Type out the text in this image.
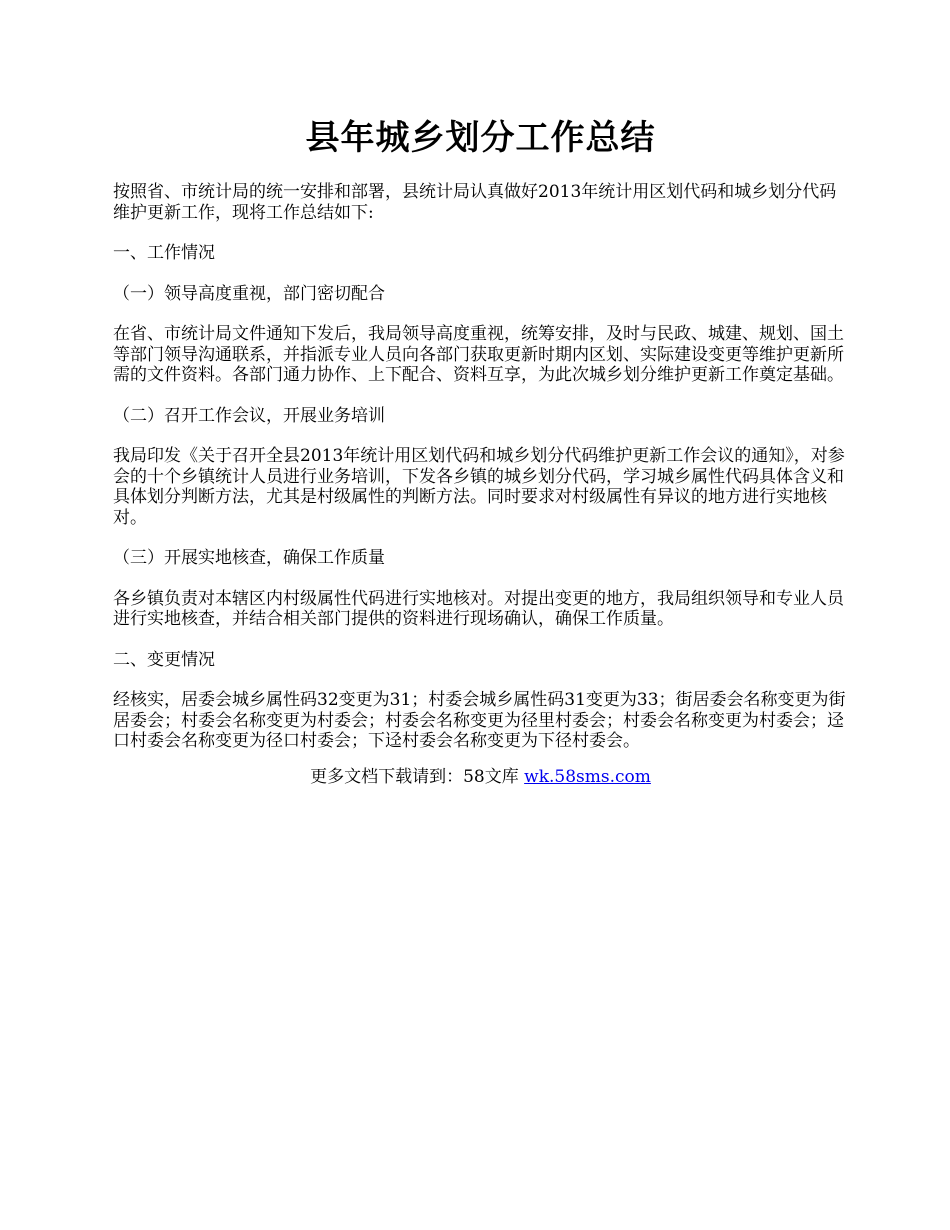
县年城乡划分工作总结

按照省、市统计局的统一安排和部署，县统计局认真做好2013年统计用区划代码和城乡划分代码维护更新工作，现将工作总结如下:

一、工作情况

（一）领导高度重视，部门密切配合

在省、市统计局文件通知下发后，我局领导高度重视，统筹安排，及时与民政、城建、规划、国土等部门领导沟通联系，并指派专业人员向各部门获取更新时期内区划、实际建设变更等维护更新所需的文件资料。各部门通力协作、上下配合、资料互享，为此次城乡划分维护更新工作奠定基础。

（二）召开工作会议，开展业务培训

我局印发《关于召开全县2013年统计用区划代码和城乡划分代码维护更新工作会议的通知》，对参会的十个乡镇统计人员进行业务培训，下发各乡镇的城乡划分代码，学习城乡属性代码具体含义和具体划分判断方法，尤其是村级属性的判断方法。同时要求对村级属性有异议的地方进行实地核对。

（三）开展实地核查，确保工作质量

各乡镇负责对本辖区内村级属性代码进行实地核对。对提出变更的地方，我局组织领导和专业人员进行实地核查，并结合相关部门提供的资料进行现场确认，确保工作质量。

二、变更情况

经核实，居委会城乡属性码32变更为31；村委会城乡属性码31变更为33；街居委会名称变更为街居委会；村委会名称变更为村委会；村委会名称变更为径里村委会；村委会名称变更为村委会；迳口村委会名称变更为径口村委会；下迳村委会名称变更为下径村委会。

更多文档下载请到：58文库 wk.58sms.com
